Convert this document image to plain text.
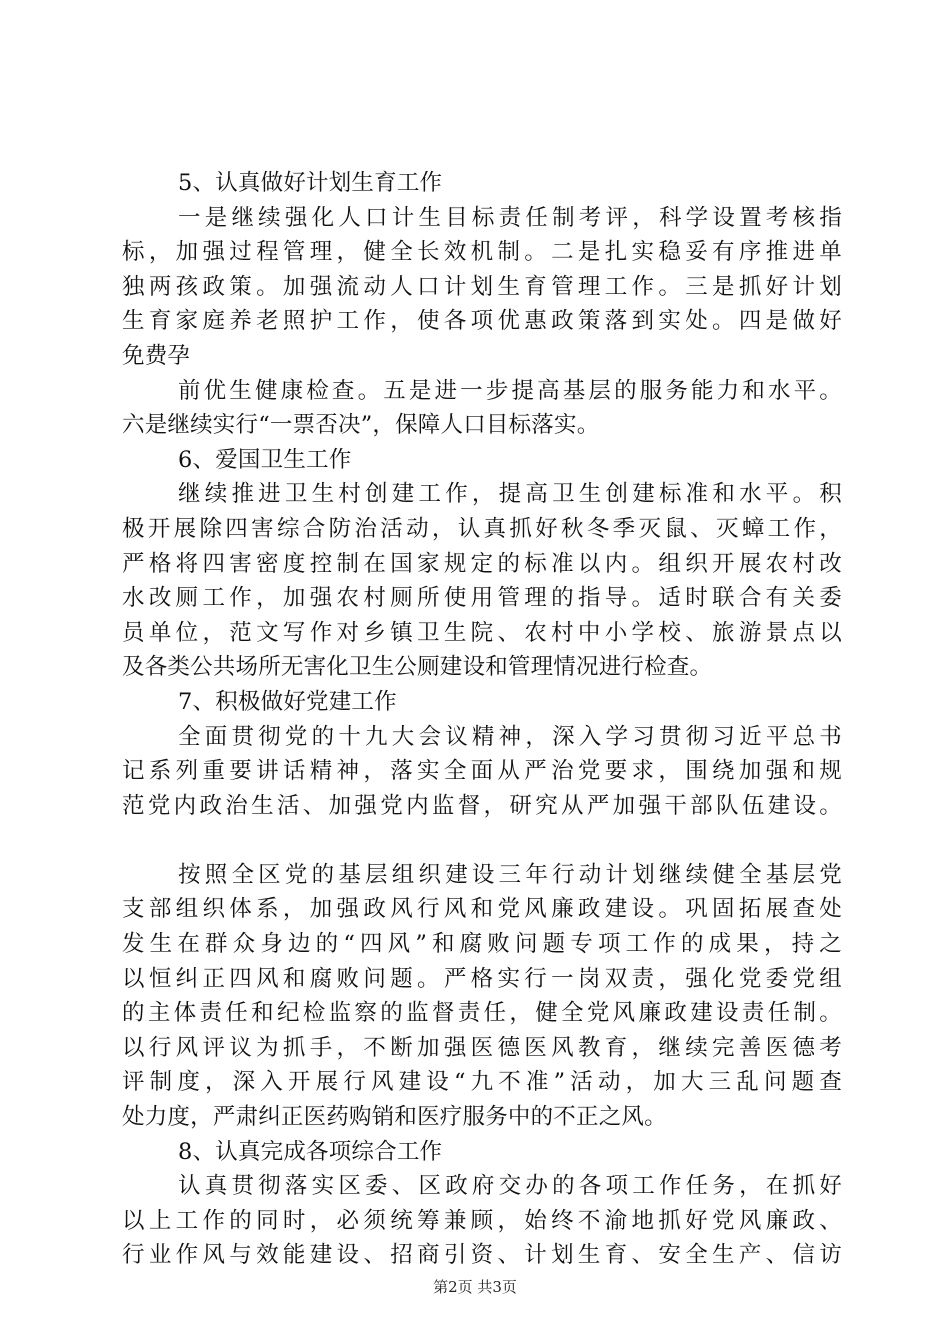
5、认真做好计划生育工作
一是继续强化人口计生目标责任制考评，科学设置考核指
标，加强过程管理，健全长效机制。二是扎实稳妥有序推进单
独两孩政策。加强流动人口计划生育管理工作。三是抓好计划
生育家庭养老照护工作，使各项优惠政策落到实处。四是做好
免费孕
前优生健康检查。五是进一步提高基层的服务能力和水平。
六是继续实行“一票否决”，保障人口目标落实。
6、爱国卫生工作
继续推进卫生村创建工作，提高卫生创建标准和水平。积
极开展除四害综合防治活动，认真抓好秋冬季灭鼠、灭蟑工作，
严格将四害密度控制在国家规定的标准以内。组织开展农村改
水改厕工作，加强农村厕所使用管理的指导。适时联合有关委
员单位，范文写作对乡镇卫生院、农村中小学校、旅游景点以
及各类公共场所无害化卫生公厕建设和管理情况进行检查。
7、积极做好党建工作
全面贯彻党的十九大会议精神，深入学习贯彻习近平总书
记系列重要讲话精神，落实全面从严治党要求，围绕加强和规
范党内政治生活、加强党内监督，研究从严加强干部队伍建设。
按照全区党的基层组织建设三年行动计划继续健全基层党
支部组织体系，加强政风行风和党风廉政建设。巩固拓展查处
发生在群众身边的“四风”和腐败问题专项工作的成果，持之
以恒纠正四风和腐败问题。严格实行一岗双责，强化党委党组
的主体责任和纪检监察的监督责任，健全党风廉政建设责任制。
以行风评议为抓手，不断加强医德医风教育，继续完善医德考
评制度，深入开展行风建设“九不准”活动，加大三乱问题查
处力度，严肃纠正医药购销和医疗服务中的不正之风。
8、认真完成各项综合工作
认真贯彻落实区委、区政府交办的各项工作任务，在抓好
以上工作的同时，必须统筹兼顾，始终不渝地抓好党风廉政、
行业作风与效能建设、招商引资、计划生育、安全生产、信访
第2页 共3页
